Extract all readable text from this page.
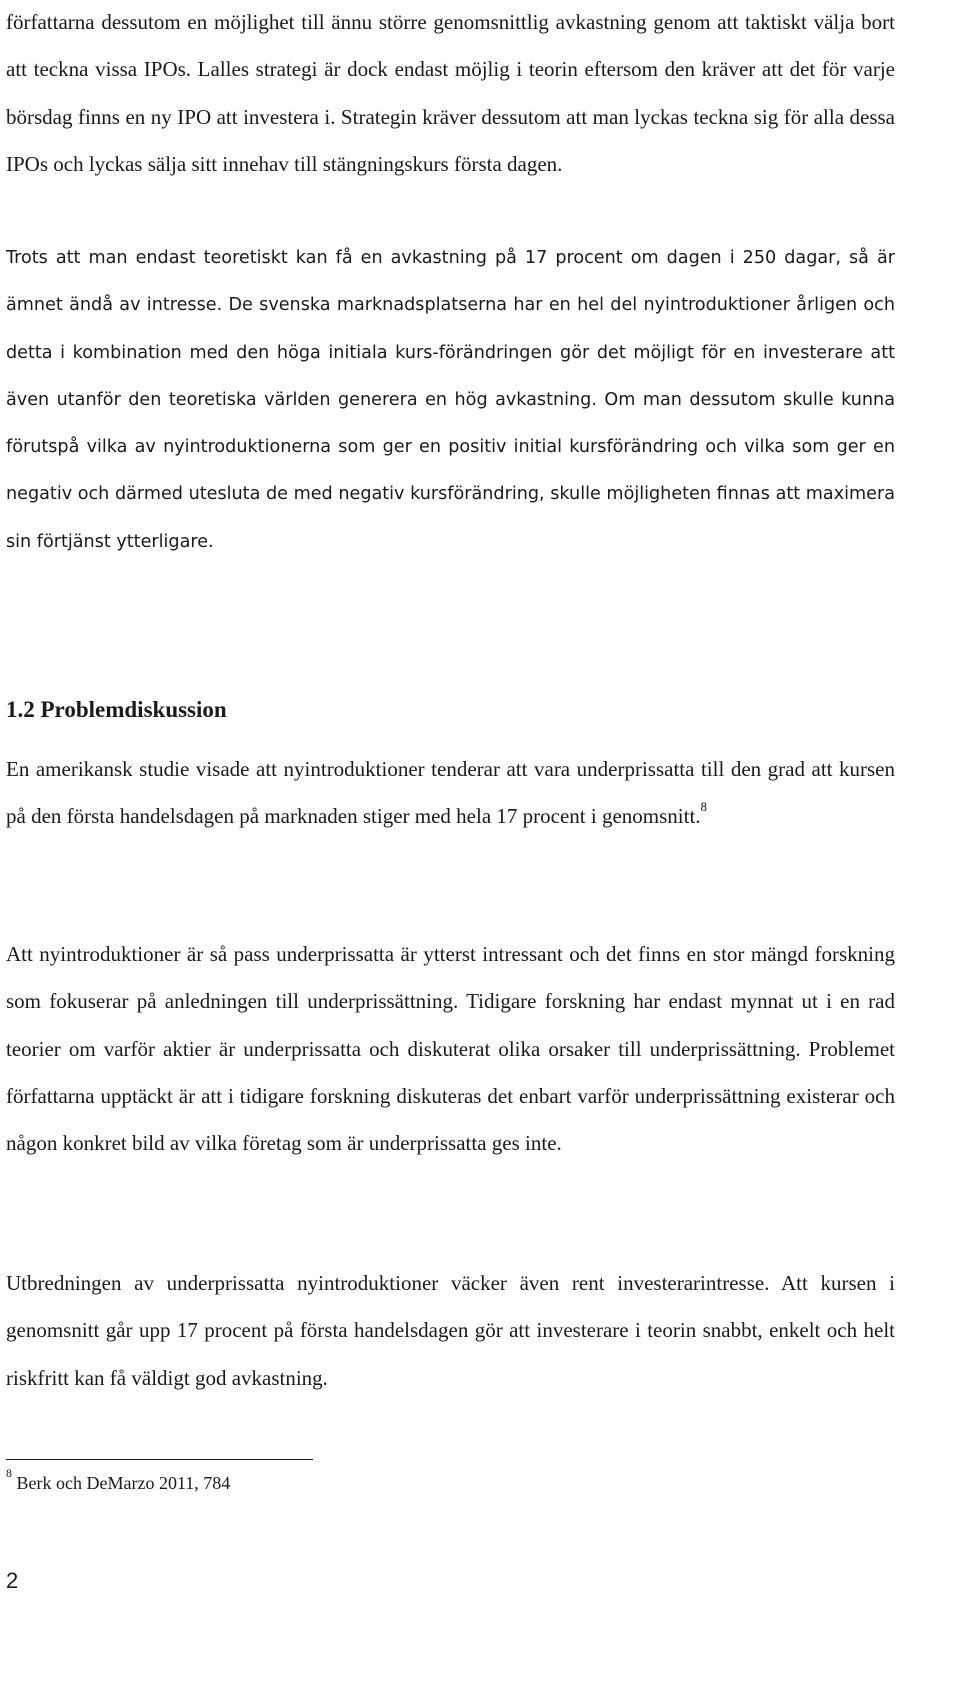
författarna dessutom en möjlighet till ännu större genomsnittlig avkastning genom att taktiskt välja bort att teckna vissa IPOs. Lalles strategi är dock endast möjlig i teorin eftersom den kräver att det för varje börsdag finns en ny IPO att investera i. Strategin kräver dessutom att man lyckas teckna sig för alla dessa IPOs och lyckas sälja sitt innehav till stängningskurs första dagen.

Trots att man endast teoretiskt kan få en avkastning på 17 procent om dagen i 250 dagar, så är ämnet ändå av intresse. De svenska marknadsplatserna har en hel del nyintroduktioner årligen och detta i kombination med den höga initiala kurs-förändringen gör det möjligt för en investerare att även utanför den teoretiska världen generera en hög avkastning. Om man dessutom skulle kunna förutspå vilka av nyintroduktionerna som ger en positiv initial kursförändring och vilka som ger en negativ och därmed utesluta de med negativ kursförändring, skulle möjligheten finnas att maximera sin förtjänst ytterligare.

1.2 Problemdiskussion

En amerikansk studie visade att nyintroduktioner tenderar att vara underprissatta till den grad att kursen på den första handelsdagen på marknaden stiger med hela 17 procent i genomsnitt.$^8$

Att nyintroduktioner är så pass underprissatta är ytterst intressant och det finns en stor mängd forskning som fokuserar på anledningen till underprissättning. Tidigare forskning har endast mynnat ut i en rad teorier om varför aktier är underprissatta och diskuterat olika orsaker till underprissättning. Problemet författarna upptäckt är att i tidigare forskning diskuteras det enbart varför underprissättning existerar och någon konkret bild av vilka företag som är underprissatta ges inte.

Utbredningen av underprissatta nyintroduktioner väcker även rent investerarintresse. Att kursen i genomsnitt går upp 17 procent på första handelsdagen gör att investerare i teorin snabbt, enkelt och helt riskfritt kan få väldigt god avkastning.

$^8$ Berk och DeMarzo 2011, 784

2
